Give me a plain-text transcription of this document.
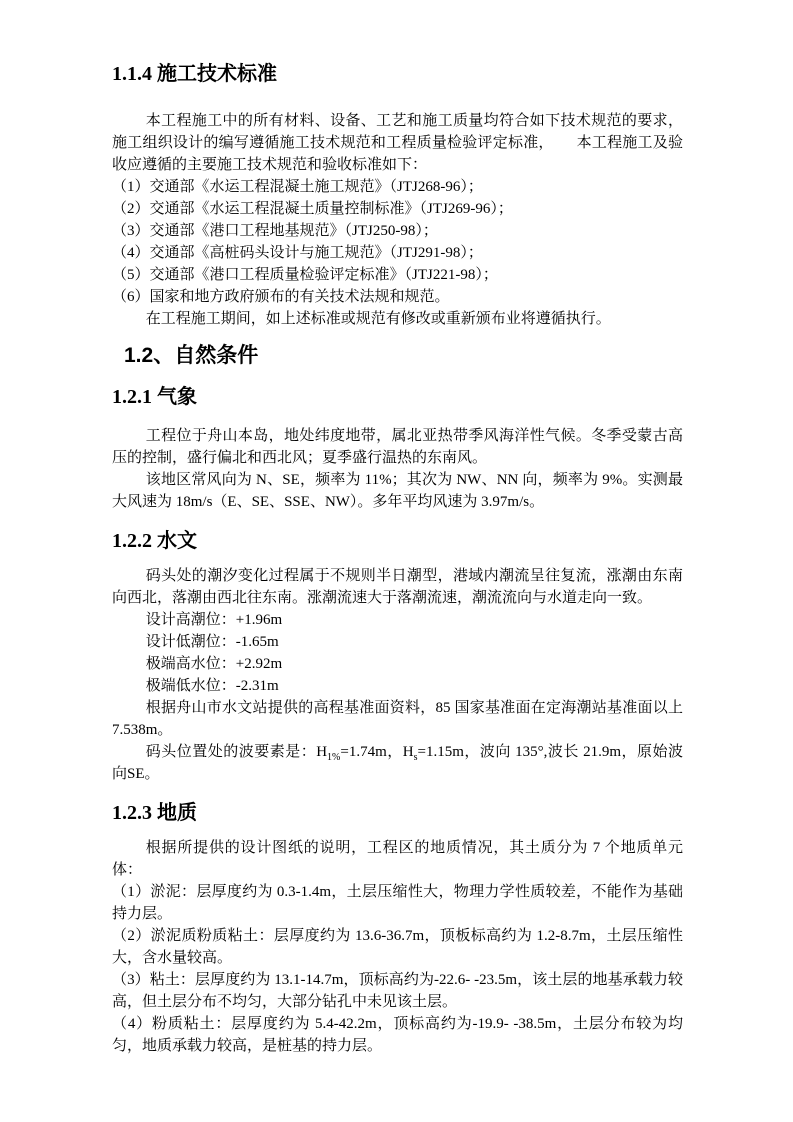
1.1.4 施工技术标准

本工程施工中的所有材料、设备、工艺和施工质量均符合如下技术规范的要求，施工组织设计的编写遵循施工技术规范和工程质量检验评定标准，　　本工程施工及验收应遵循的主要施工技术规范和验收标准如下：

（1）交通部《水运工程混凝土施工规范》（JTJ268-96）；

（2）交通部《水运工程混凝土质量控制标准》（JTJ269-96）；

（3）交通部《港口工程地基规范》（JTJ250-98）；

（4）交通部《高桩码头设计与施工规范》（JTJ291-98）；

（5）交通部《港口工程质量检验评定标准》（JTJ221-98）；

（6）国家和地方政府颁布的有关技术法规和规范。

在工程施工期间，如上述标准或规范有修改或重新颁布业将遵循执行。

1.2、自然条件
1.2.1 气象

工程位于舟山本岛，地处纬度地带，属北亚热带季风海洋性气候。冬季受蒙古高压的控制，盛行偏北和西北风；夏季盛行温热的东南风。

该地区常风向为 N、SE，频率为 11%；其次为 NW、NN 向，频率为 9%。实测最大风速为 18m/s（E、SE、SSE、NW）。多年平均风速为 3.97m/s。

1.2.2 水文

码头处的潮汐变化过程属于不规则半日潮型，港域内潮流呈往复流，涨潮由东南向西北，落潮由西北往东南。涨潮流速大于落潮流速，潮流流向与水道走向一致。

设计高潮位：+1.96m

设计低潮位：-1.65m

极端高水位：+2.92m

极端低水位：-2.31m

根据舟山市水文站提供的高程基准面资料，85 国家基准面在定海潮站基准面以上7.538m。

码头位置处的波要素是：$H_{1\%}=1.74m$，$H_s=1.15m$，波向 135°,波长 21.9m，原始波向SE。

1.2.3 地质

根据所提供的设计图纸的说明，工程区的地质情况，其土质分为 7 个地质单元体：

（1）淤泥：层厚度约为 0.3-1.4m，土层压缩性大，物理力学性质较差，不能作为基础持力层。

（2）淤泥质粉质粘土：层厚度约为 13.6-36.7m，顶板标高约为 1.2-8.7m，土层压缩性大，含水量较高。

（3）粘土：层厚度约为 13.1-14.7m，顶标高约为-22.6- -23.5m，该土层的地基承载力较高，但土层分布不均匀，大部分钻孔中未见该土层。

（4）粉质粘土：层厚度约为 5.4-42.2m，顶标高约为-19.9- -38.5m，土层分布较为均匀，地质承载力较高，是桩基的持力层。
